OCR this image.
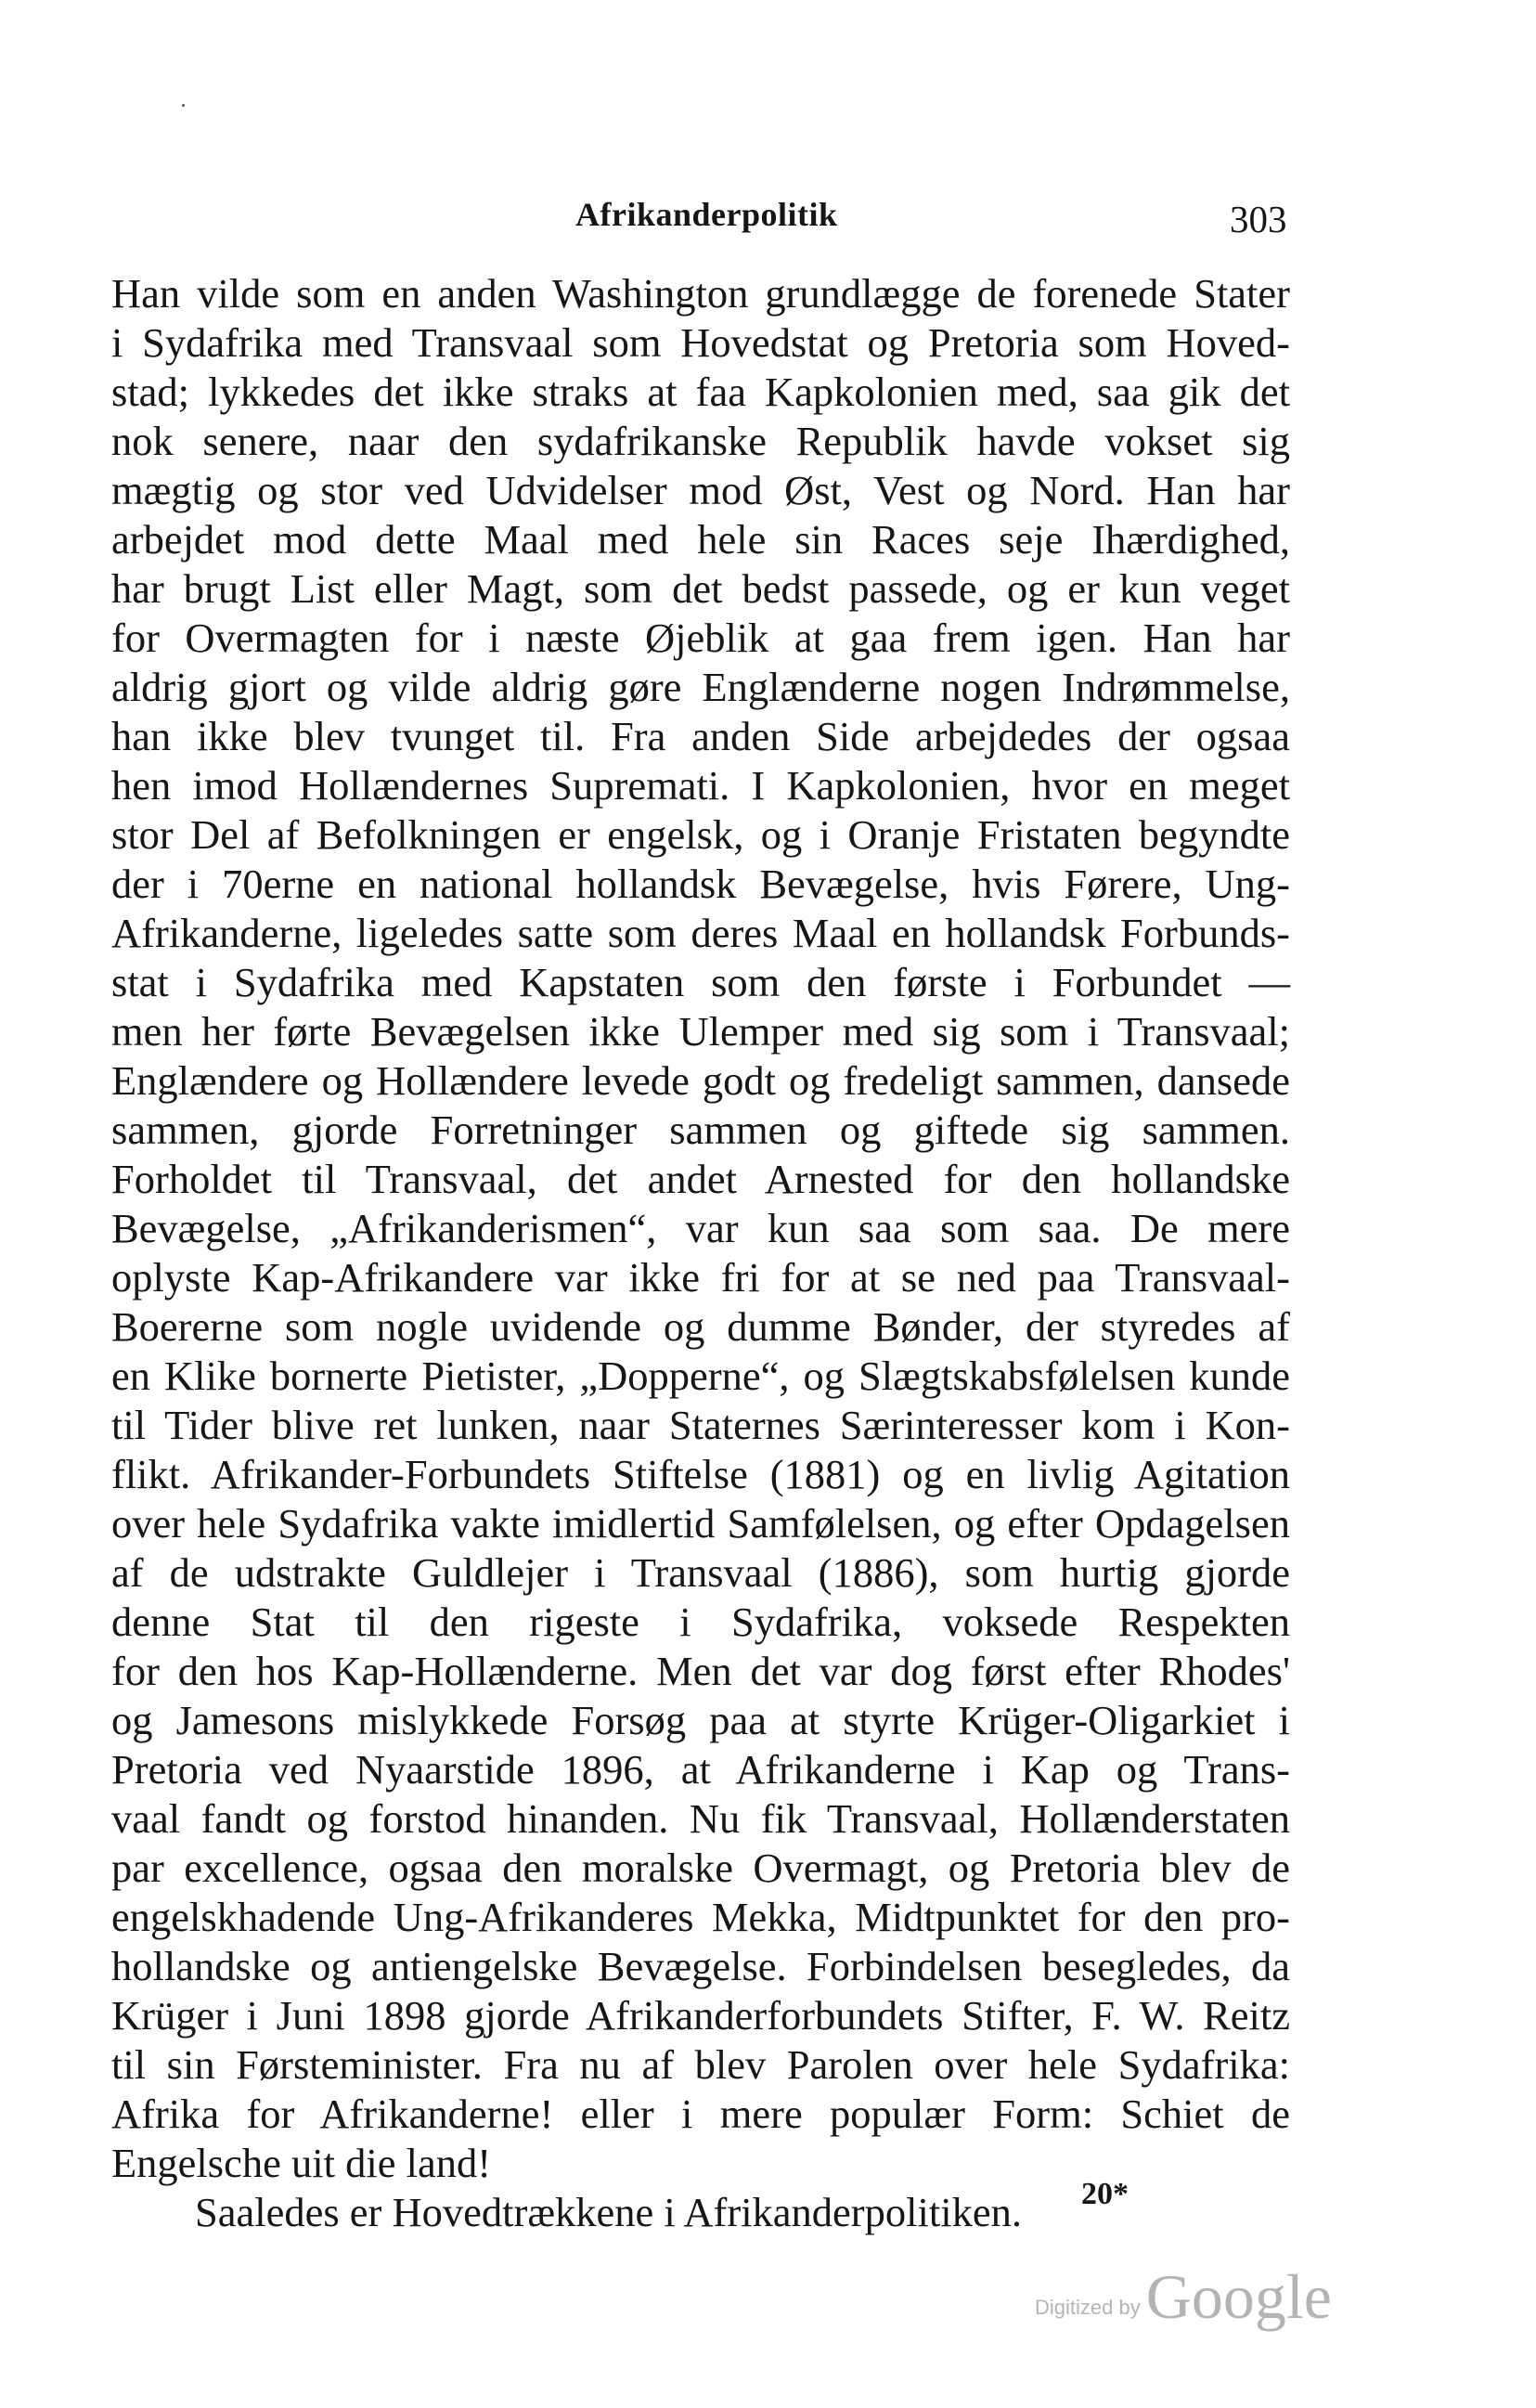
Afrikanderpolitik	303
Han vilde som en anden Washington grundlægge de forenede Stater
i Sydafrika med Transvaal som Hovedstat og Pretoria som Hoved-
stad; lykkedes det ikke straks at faa Kapkolonien med, saa gik det
nok senere, naar den sydafrikanske Republik havde vokset sig
mægtig og stor ved Udvidelser mod Øst, Vest og Nord. Han har
arbejdet mod dette Maal med hele sin Races seje Ihærdighed,
har brugt List eller Magt, som det bedst passede, og er kun veget
for Overmagten for i næste Øjeblik at gaa frem igen. Han har
aldrig gjort og vilde aldrig gøre Englænderne nogen Indrømmelse,
han ikke blev tvunget til. Fra anden Side arbejdedes der ogsaa
hen imod Hollændernes Supremati. I Kapkolonien, hvor en meget
stor Del af Befolkningen er engelsk, og i Oranje Fristaten begyndte
der i 70erne en national hollandsk Bevægelse, hvis Førere, Ung-
Afrikanderne, ligeledes satte som deres Maal en hollandsk Forbunds-
stat i Sydafrika med Kapstaten som den første i Forbundet —
men her førte Bevægelsen ikke Ulemper med sig som i Transvaal;
Englændere og Hollændere levede godt og fredeligt sammen, dansede
sammen, gjorde Forretninger sammen og giftede sig sammen.
Forholdet til Transvaal, det andet Arnested for den hollandske
Bevægelse, „Afrikanderismen“, var kun saa som saa. De mere
oplyste Kap-Afrikandere var ikke fri for at se ned paa Transvaal-
Boererne som nogle uvidende og dumme Bønder, der styredes af
en Klike bornerte Pietister, „Dopperne“, og Slægtskabsfølelsen kunde
til Tider blive ret lunken, naar Staternes Særinteresser kom i Kon-
flikt. Afrikander-Forbundets Stiftelse (1881) og en livlig Agitation
over hele Sydafrika vakte imidlertid Samfølelsen, og efter Opdagelsen
af de udstrakte Guldlejer i Transvaal (1886), som hurtig gjorde
denne Stat til den rigeste i Sydafrika, voksede Respekten
for den hos Kap-Hollænderne. Men det var dog først efter Rhodes'
og Jamesons mislykkede Forsøg paa at styrte Krüger-Oligarkiet i
Pretoria ved Nyaarstide 1896, at Afrikanderne i Kap og Trans-
vaal fandt og forstod hinanden. Nu fik Transvaal, Hollænderstaten
par excellence, ogsaa den moralske Overmagt, og Pretoria blev de
engelskhadende Ung-Afrikanderes Mekka, Midtpunktet for den pro-
hollandske og antiengelske Bevægelse. Forbindelsen besegledes, da
Krüger i Juni 1898 gjorde Afrikanderforbundets Stifter, F. W. Reitz
til sin Førsteminister. Fra nu af blev Parolen over hele Sydafrika:
Afrika for Afrikanderne! eller i mere populær Form: Schiet de
Engelsche uit die land!
Saaledes er Hovedtrækkene i Afrikanderpolitiken.	20*
Digitized byGoogle
